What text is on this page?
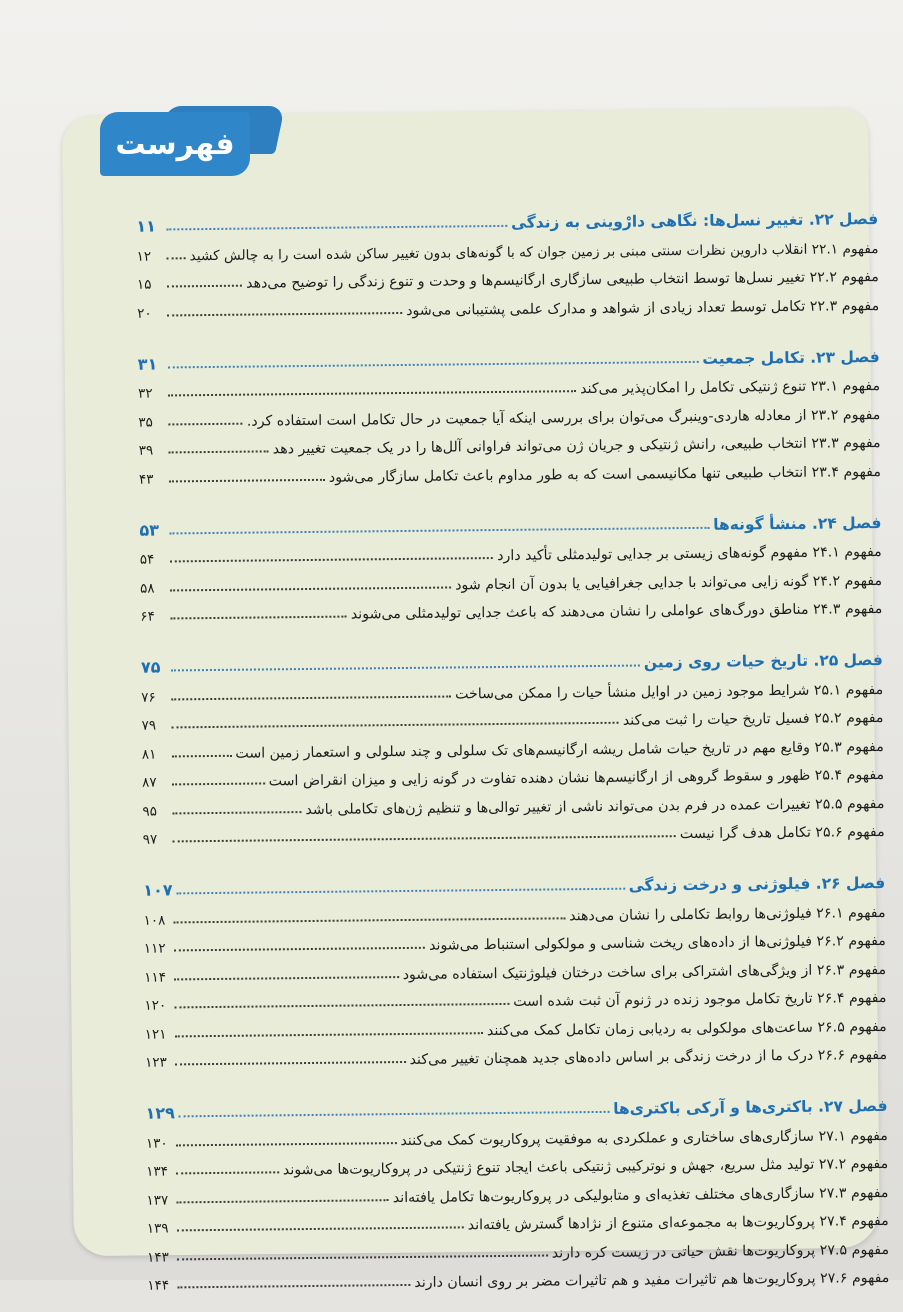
فهرست
فصل ۲۲. تغییر نسل‌ها: نگاهی دارْوینی به زندگی
۱۱
مفهوم ۲۲.۱ انقلاب داروین نظرات سنتی مبنی بر زمین جوان که با گونه‌های بدون تغییر ساکن شده است را به چالش کشید
۱۲
مفهوم ۲۲.۲ تغییر نسل‌ها توسط انتخاب طبیعی سازگاری ارگانیسم‌ها و وحدت و تنوع زندگی را توضیح می‌دهد
۱۵
مفهوم ۲۲.۳ تکامل توسط تعداد زیادی از شواهد و مدارک علمی پشتیبانی می‌شود
۲۰
فصل ۲۳. تکامل جمعیت
۳۱
مفهوم ۲۳.۱ تنوع ژنتیکی تکامل را امکان‌پذیر می‌کند
۳۲
مفهوم ۲۳.۲ از معادله هاردی-وینبرگ می‌توان برای بررسی اینکه آیا جمعیت در حال تکامل است استفاده کرد.
۳۵
مفهوم ۲۳.۳ انتخاب طبیعی، رانش ژنتیکی و جریان ژن می‌تواند فراوانی آلل‌ها را در یک جمعیت تغییر دهد
۳۹
مفهوم ۲۳.۴ انتخاب طبیعی تنها مکانیسمی است که به طور مداوم باعث تکامل سازگار می‌شود
۴۳
فصل ۲۴. منشأ گونه‌ها
۵۳
مفهوم ۲۴.۱ مفهوم گونه‌های زیستی بر جدایی تولیدمثلی تأکید دارد
۵۴
مفهوم ۲۴.۲ گونه زایی می‌تواند با جدایی جغرافیایی یا بدون آن انجام شود
۵۸
مفهوم ۲۴.۳ مناطق دورگ‌های عواملی را نشان می‌دهند که باعث جدایی تولیدمثلی می‌شوند
۶۴
فصل ۲۵. تاریخ حیات روی زمین
۷۵
مفهوم ۲۵.۱ شرایط موجود زمین در اوایل منشأ حیات را ممکن می‌ساخت
۷۶
مفهوم ۲۵.۲ فسیل تاریخ حیات را ثبت می‌کند
۷۹
مفهوم ۲۵.۳ وقایع مهم در تاریخ حیات شامل ریشه ارگانیسم‌های تک سلولی و چند سلولی و استعمار زمین است
۸۱
مفهوم ۲۵.۴ ظهور و سقوط گروهی از ارگانیسم‌ها نشان دهنده تفاوت در گونه زایی و میزان انقراض است
۸۷
مفهوم ۲۵.۵ تغییرات عمده در فرم بدن می‌تواند ناشی از تغییر توالی‌ها و تنظیم ژن‌های تکاملی باشد
۹۵
مفهوم ۲۵.۶ تکامل هدف گرا نیست
۹۷
فصل ۲۶. فیلوژنی و درخت زندگی
۱۰۷
مفهوم ۲۶.۱ فیلوژنی‌ها روابط تکاملی را نشان می‌دهند
۱۰۸
مفهوم ۲۶.۲ فیلوژنی‌ها از داده‌های ریخت شناسی و مولکولی استنباط می‌شوند
۱۱۲
مفهوم ۲۶.۳ از ویژگی‌های اشتراکی برای ساخت درختان فیلوژنتیک استفاده می‌شود
۱۱۴
مفهوم ۲۶.۴ تاریخ تکامل موجود زنده در ژنوم آن ثبت شده است
۱۲۰
مفهوم ۲۶.۵ ساعت‌های مولکولی به ردیابی زمان تکامل کمک می‌کنند
۱۲۱
مفهوم ۲۶.۶ درک ما از درخت زندگی بر اساس داده‌های جدید همچنان تغییر می‌کند
۱۲۳
فصل ۲۷. باکتری‌ها و آرکی باکتری‌ها
۱۲۹
مفهوم ۲۷.۱ سازگاری‌های ساختاری و عملکردی به موفقیت پروکاریوت کمک می‌کنند
۱۳۰
مفهوم ۲۷.۲ تولید مثل سریع، جهش و نوترکیبی ژنتیکی باعث ایجاد تنوع ژنتیکی در پروکاریوت‌ها می‌شوند
۱۳۴
مفهوم ۲۷.۳ سازگاری‌های مختلف تغذیه‌ای و متابولیکی در پروکاریوت‌ها تکامل یافته‌اند
۱۳۷
مفهوم ۲۷.۴ پروکاریوت‌ها به مجموعه‌ای متنوع از نژادها گسترش یافته‌اند
۱۳۹
مفهوم ۲۷.۵ پروکاریوت‌ها نقش حیاتی در زیست کره دارند
۱۴۳
مفهوم ۲۷.۶ پروکاریوت‌ها هم تاثیرات مفید و هم تاثیرات مضر بر روی انسان دارند
۱۴۴
